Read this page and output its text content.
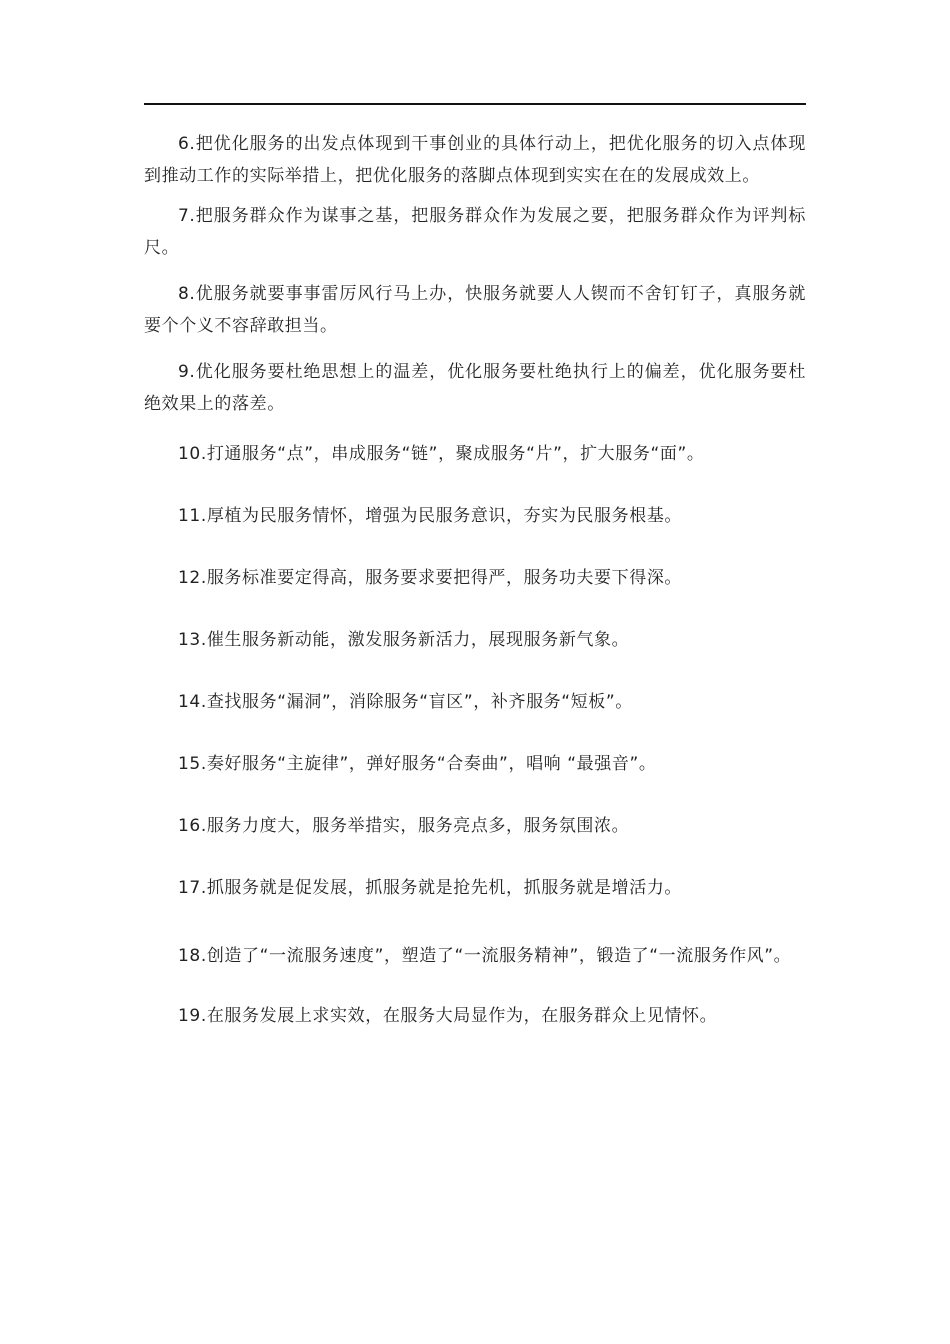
6.把优化服务的出发点体现到干事创业的具体行动上，把优化服务的切入点体现到推动工作的实际举措上，把优化服务的落脚点体现到实实在在的发展成效上。

7.把服务群众作为谋事之基，把服务群众作为发展之要，把服务群众作为评判标尺。

8.优服务就要事事雷厉风行马上办，快服务就要人人锲而不舍钉钉子，真服务就要个个义不容辞敢担当。

9.优化服务要杜绝思想上的温差，优化服务要杜绝执行上的偏差，优化服务要杜绝效果上的落差。

10.打通服务“点”，串成服务“链”，聚成服务“片”，扩大服务“面”。

11.厚植为民服务情怀，增强为民服务意识，夯实为民服务根基。

12.服务标准要定得高，服务要求要把得严，服务功夫要下得深。

13.催生服务新动能，激发服务新活力，展现服务新气象。

14.查找服务“漏洞”，消除服务“盲区”，补齐服务“短板”。

15.奏好服务“主旋律”，弹好服务“合奏曲”，唱响 “最强音”。

16.服务力度大，服务举措实，服务亮点多，服务氛围浓。

17.抓服务就是促发展，抓服务就是抢先机，抓服务就是增活力。

18.创造了“一流服务速度”，塑造了“一流服务精神”，锻造了“一流服务作风”。

19.在服务发展上求实效，在服务大局显作为，在服务群众上见情怀。
